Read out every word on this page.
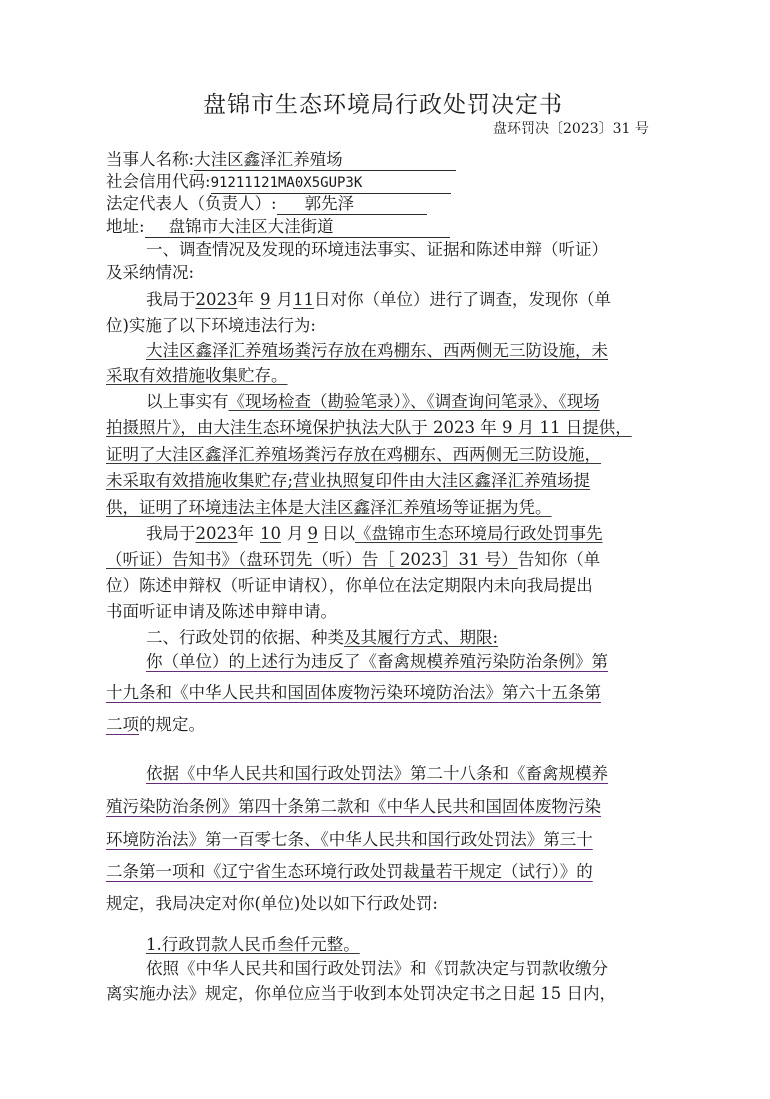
盘锦市生态环境局行政处罚决定书
盘环罚决〔2023〕31 号
当事人名称:大洼区鑫泽汇养殖场
社会信用代码:91211121MA0X5GUP3K
法定代表人（负责人）: 郭先泽
地址: 盘锦市大洼区大洼街道
一、调查情况及发现的环境违法事实、证据和陈述申辩（听证）
及采纳情况:
我局于2023年 9 月11日对你（单位）进行了调查，发现你（单
位)实施了以下环境违法行为:
大洼区鑫泽汇养殖场粪污存放在鸡棚东、西两侧无三防设施，未
采取有效措施收集贮存。
以上事实有《现场检查（勘验笔录）》、《调查询问笔录》、《现场
拍摄照片》，由大洼生态环境保护执法大队于 2023 年 9 月 11 日提供，
证明了大洼区鑫泽汇养殖场粪污存放在鸡棚东、西两侧无三防设施，
未采取有效措施收集贮存;营业执照复印件由大洼区鑫泽汇养殖场提
供，证明了环境违法主体是大洼区鑫泽汇养殖场等证据为凭。
我局于2023年 10 月 9 日以《盘锦市生态环境局行政处罚事先
（听证）告知书》（盘环罚先（听）告［ 2023］31 号）告知你（单
位）陈述申辩权（听证申请权），你单位在法定期限内未向我局提出
书面听证申请及陈述申辩申请。
二、行政处罚的依据、种类及其履行方式、期限:
你（单位）的上述行为违反了《畜禽规模养殖污染防治条例》第
十九条和《中华人民共和国固体废物污染环境防治法》第六十五条第
二项的规定。
依据《中华人民共和国行政处罚法》第二十八条和《畜禽规模养
殖污染防治条例》第四十条第二款和《中华人民共和国固体废物污染
环境防治法》第一百零七条、《中华人民共和国行政处罚法》第三十
二条第一项和《辽宁省生态环境行政处罚裁量若干规定（试行）》的
规定，我局决定对你(单位)处以如下行政处罚:
1.行政罚款人民币叁仟元整。
依照《中华人民共和国行政处罚法》和《罚款决定与罚款收缴分
离实施办法》规定，你单位应当于收到本处罚决定书之日起 15 日内，
